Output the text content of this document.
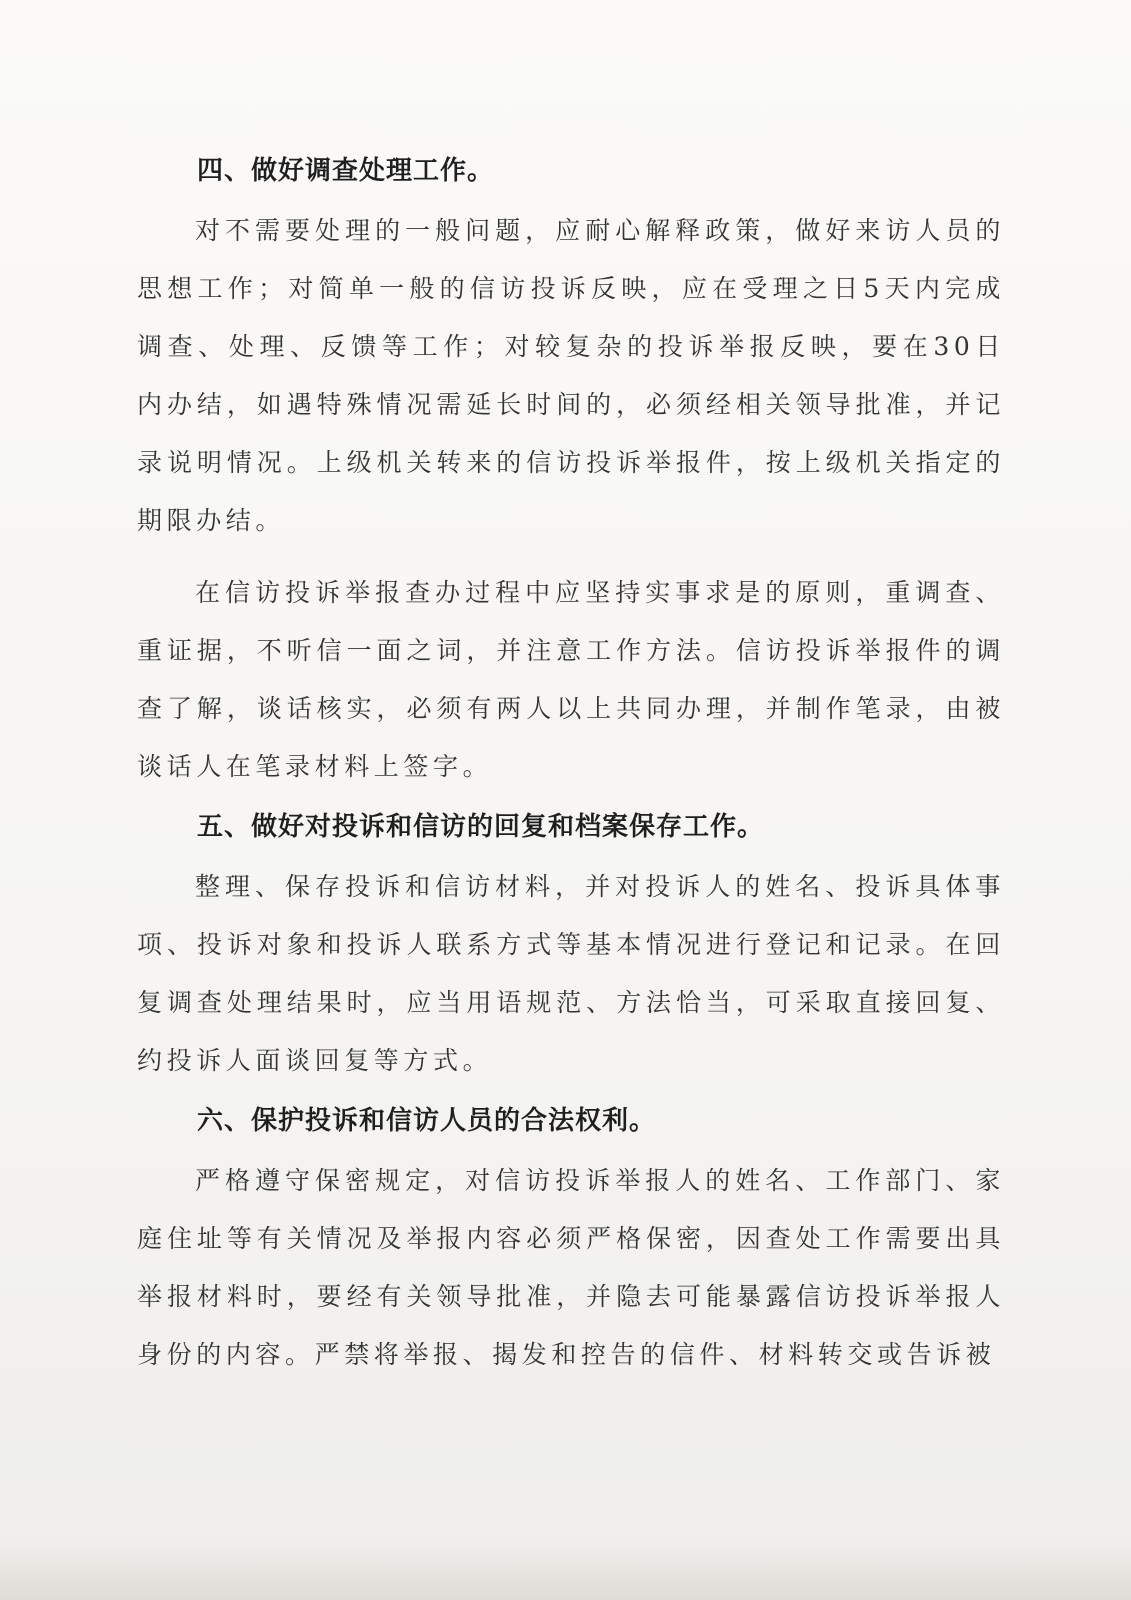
四、做好调查处理工作。

对不需要处理的一般问题，应耐心解释政策，做好来访人员的思想工作；对简单一般的信访投诉反映，应在受理之日5天内完成调查、处理、反馈等工作；对较复杂的投诉举报反映，要在30日内办结，如遇特殊情况需延长时间的，必须经相关领导批准，并记录说明情况。上级机关转来的信访投诉举报件，按上级机关指定的期限办结。

在信访投诉举报查办过程中应坚持实事求是的原则，重调查、重证据，不听信一面之词，并注意工作方法。信访投诉举报件的调查了解，谈话核实，必须有两人以上共同办理，并制作笔录，由被谈话人在笔录材料上签字。

五、做好对投诉和信访的回复和档案保存工作。

整理、保存投诉和信访材料，并对投诉人的姓名、投诉具体事项、投诉对象和投诉人联系方式等基本情况进行登记和记录。在回复调查处理结果时，应当用语规范、方法恰当，可采取直接回复、约投诉人面谈回复等方式。

六、保护投诉和信访人员的合法权利。

严格遵守保密规定，对信访投诉举报人的姓名、工作部门、家庭住址等有关情况及举报内容必须严格保密，因查处工作需要出具举报材料时，要经有关领导批准，并隐去可能暴露信访投诉举报人身份的内容。严禁将举报、揭发和控告的信件、材料转交或告诉被
